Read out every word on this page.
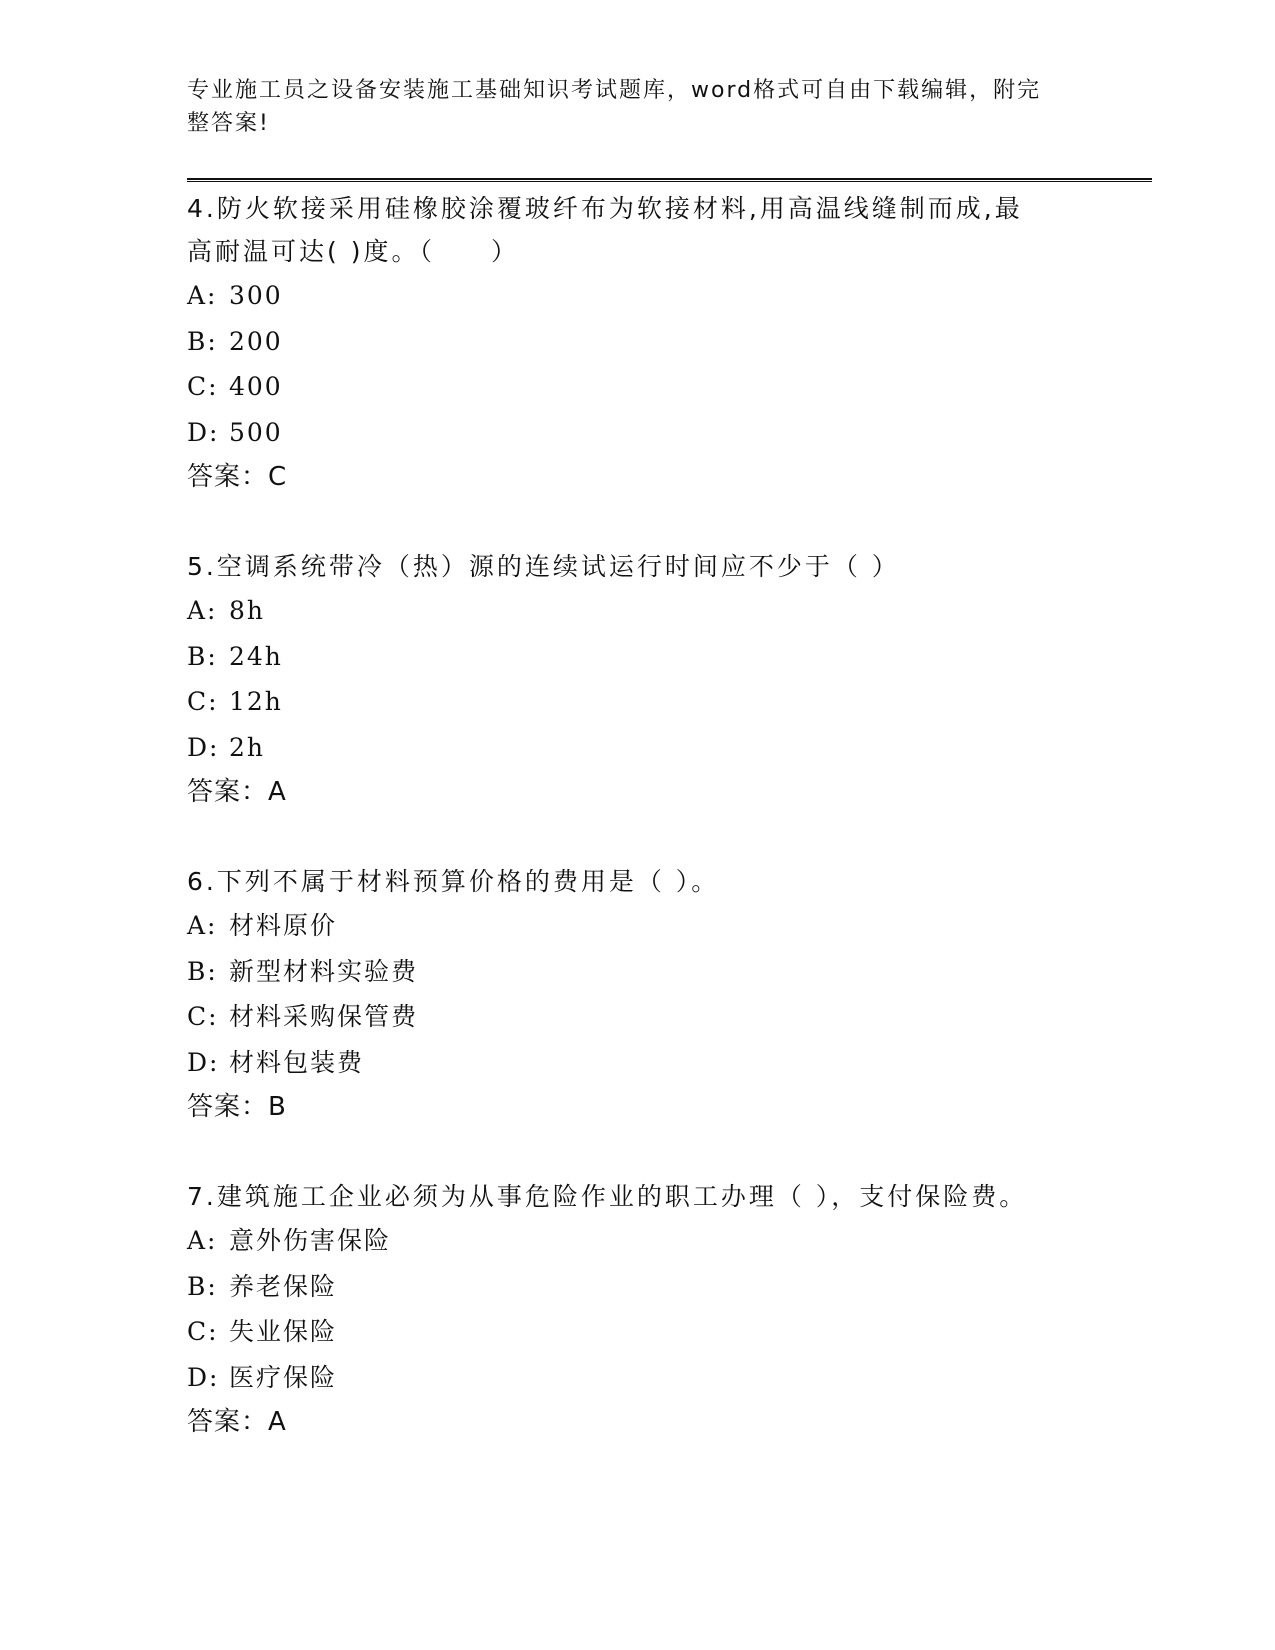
专业施工员之设备安装施工基础知识考试题库，word格式可自由下载编辑，附完
整答案!
4.防火软接采用硅橡胶涂覆玻纤布为软接材料,用高温线缝制而成,最
高耐温可达( )度。（　　）
A: 300
B: 200
C: 400
D: 500
答案：C
5.空调系统带冷（热）源的连续试运行时间应不少于（ ）
A: 8h
B: 24h
C: 12h
D: 2h
答案：A
6.下列不属于材料预算价格的费用是（ ）。
A: 材料原价
B: 新型材料实验费
C: 材料采购保管费
D: 材料包装费
答案：B
7.建筑施工企业必须为从事危险作业的职工办理（ ），支付保险费。
A: 意外伤害保险
B: 养老保险
C: 失业保险
D: 医疗保险
答案：A
